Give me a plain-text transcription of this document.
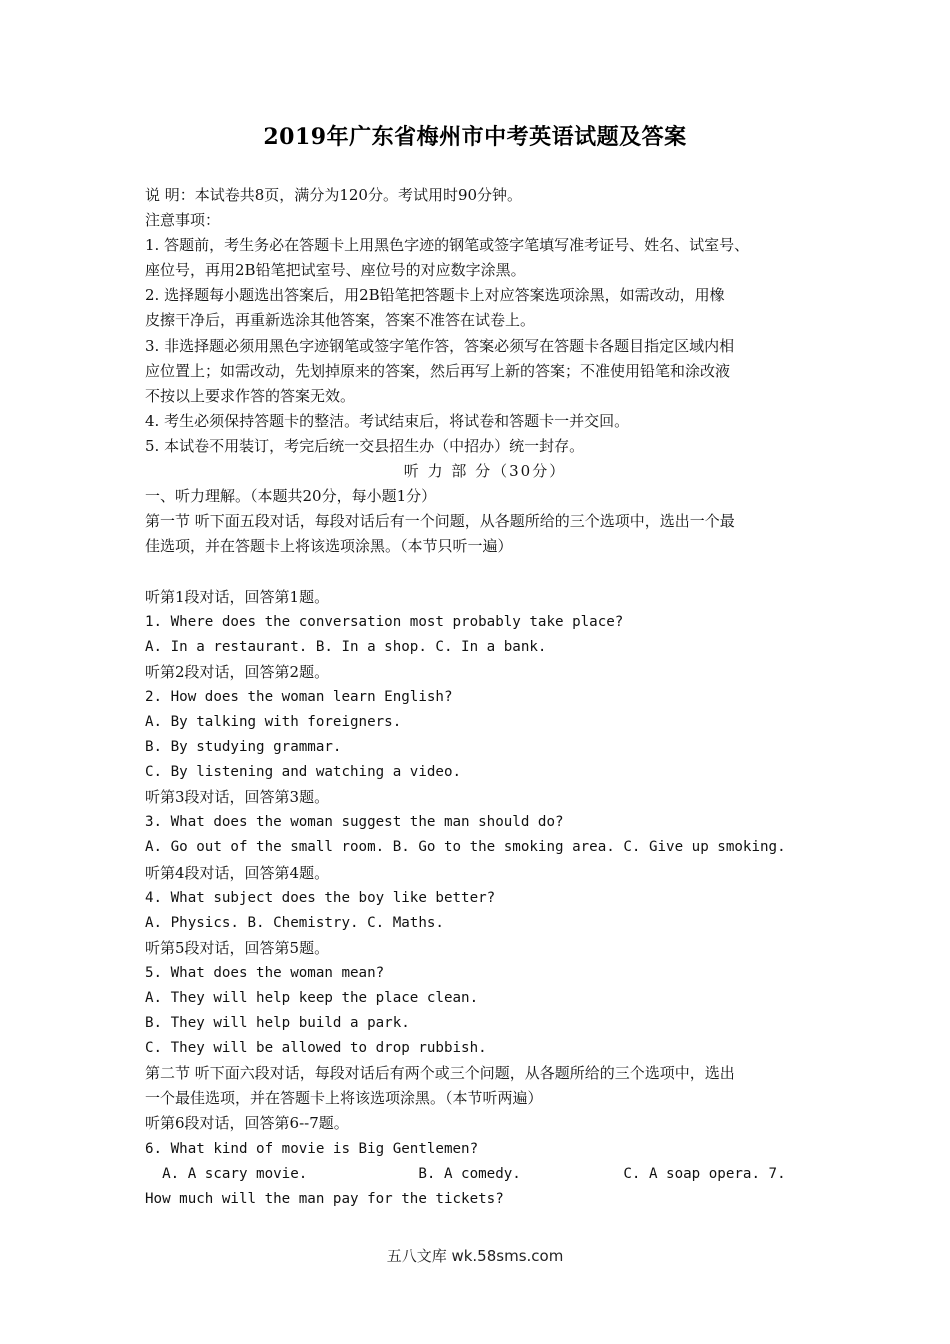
2019年广东省梅州市中考英语试题及答案
说 明：本试卷共8页，满分为120分。考试用时90分钟。
注意事项：
1. 答题前，考生务必在答题卡上用黑色字迹的钢笔或签字笔填写准考证号、姓名、试室号、
座位号，再用2B铅笔把试室号、座位号的对应数字涂黑。
2. 选择题每小题选出答案后，用2B铅笔把答题卡上对应答案选项涂黑，如需改动，用橡
皮擦干净后，再重新选涂其他答案，答案不准答在试卷上。
3. 非选择题必须用黑色字迹钢笔或签字笔作答，答案必须写在答题卡各题目指定区域内相
应位置上；如需改动，先划掉原来的答案，然后再写上新的答案；不准使用铅笔和涂改液
不按以上要求作答的答案无效。
4. 考生必须保持答题卡的整洁。考试结束后，将试卷和答题卡一并交回。
5. 本试卷不用装订，考完后统一交县招生办（中招办）统一封存。
听 力 部 分（30分）
一、听力理解。（本题共20分，每小题1分）
第一节 听下面五段对话，每段对话后有一个问题，从各题所给的三个选项中，选出一个最
佳选项，并在答题卡上将该选项涂黑。（本节只听一遍）
听第1段对话，回答第1题。
1. Where does the conversation most probably take place?
A. In a restaurant. B. In a shop. C. In a bank.
听第2段对话，回答第2题。
2. How does the woman learn English?
A. By talking with foreigners.
B. By studying grammar.
C. By listening and watching a video.
听第3段对话，回答第3题。
3. What does the woman suggest the man should do?
A. Go out of the small room. B. Go to the smoking area. C. Give up smoking.
听第4段对话，回答第4题。
4. What subject does the boy like better?
A. Physics. B. Chemistry. C. Maths.
听第5段对话，回答第5题。
5. What does the woman mean?
A. They will help keep the place clean.
B. They will help build a park.
C. They will be allowed to drop rubbish.
第二节 听下面六段对话，每段对话后有两个或三个问题，从各题所给的三个选项中，选出
一个最佳选项，并在答题卡上将该选项涂黑。（本节听两遍）
听第6段对话，回答第6--7题。
6. What kind of movie is Big Gentlemen?
A. A scary movie.             B. A comedy.            C. A soap opera. 7.
How much will the man pay for the tickets?
五八文库 wk.58sms.com
